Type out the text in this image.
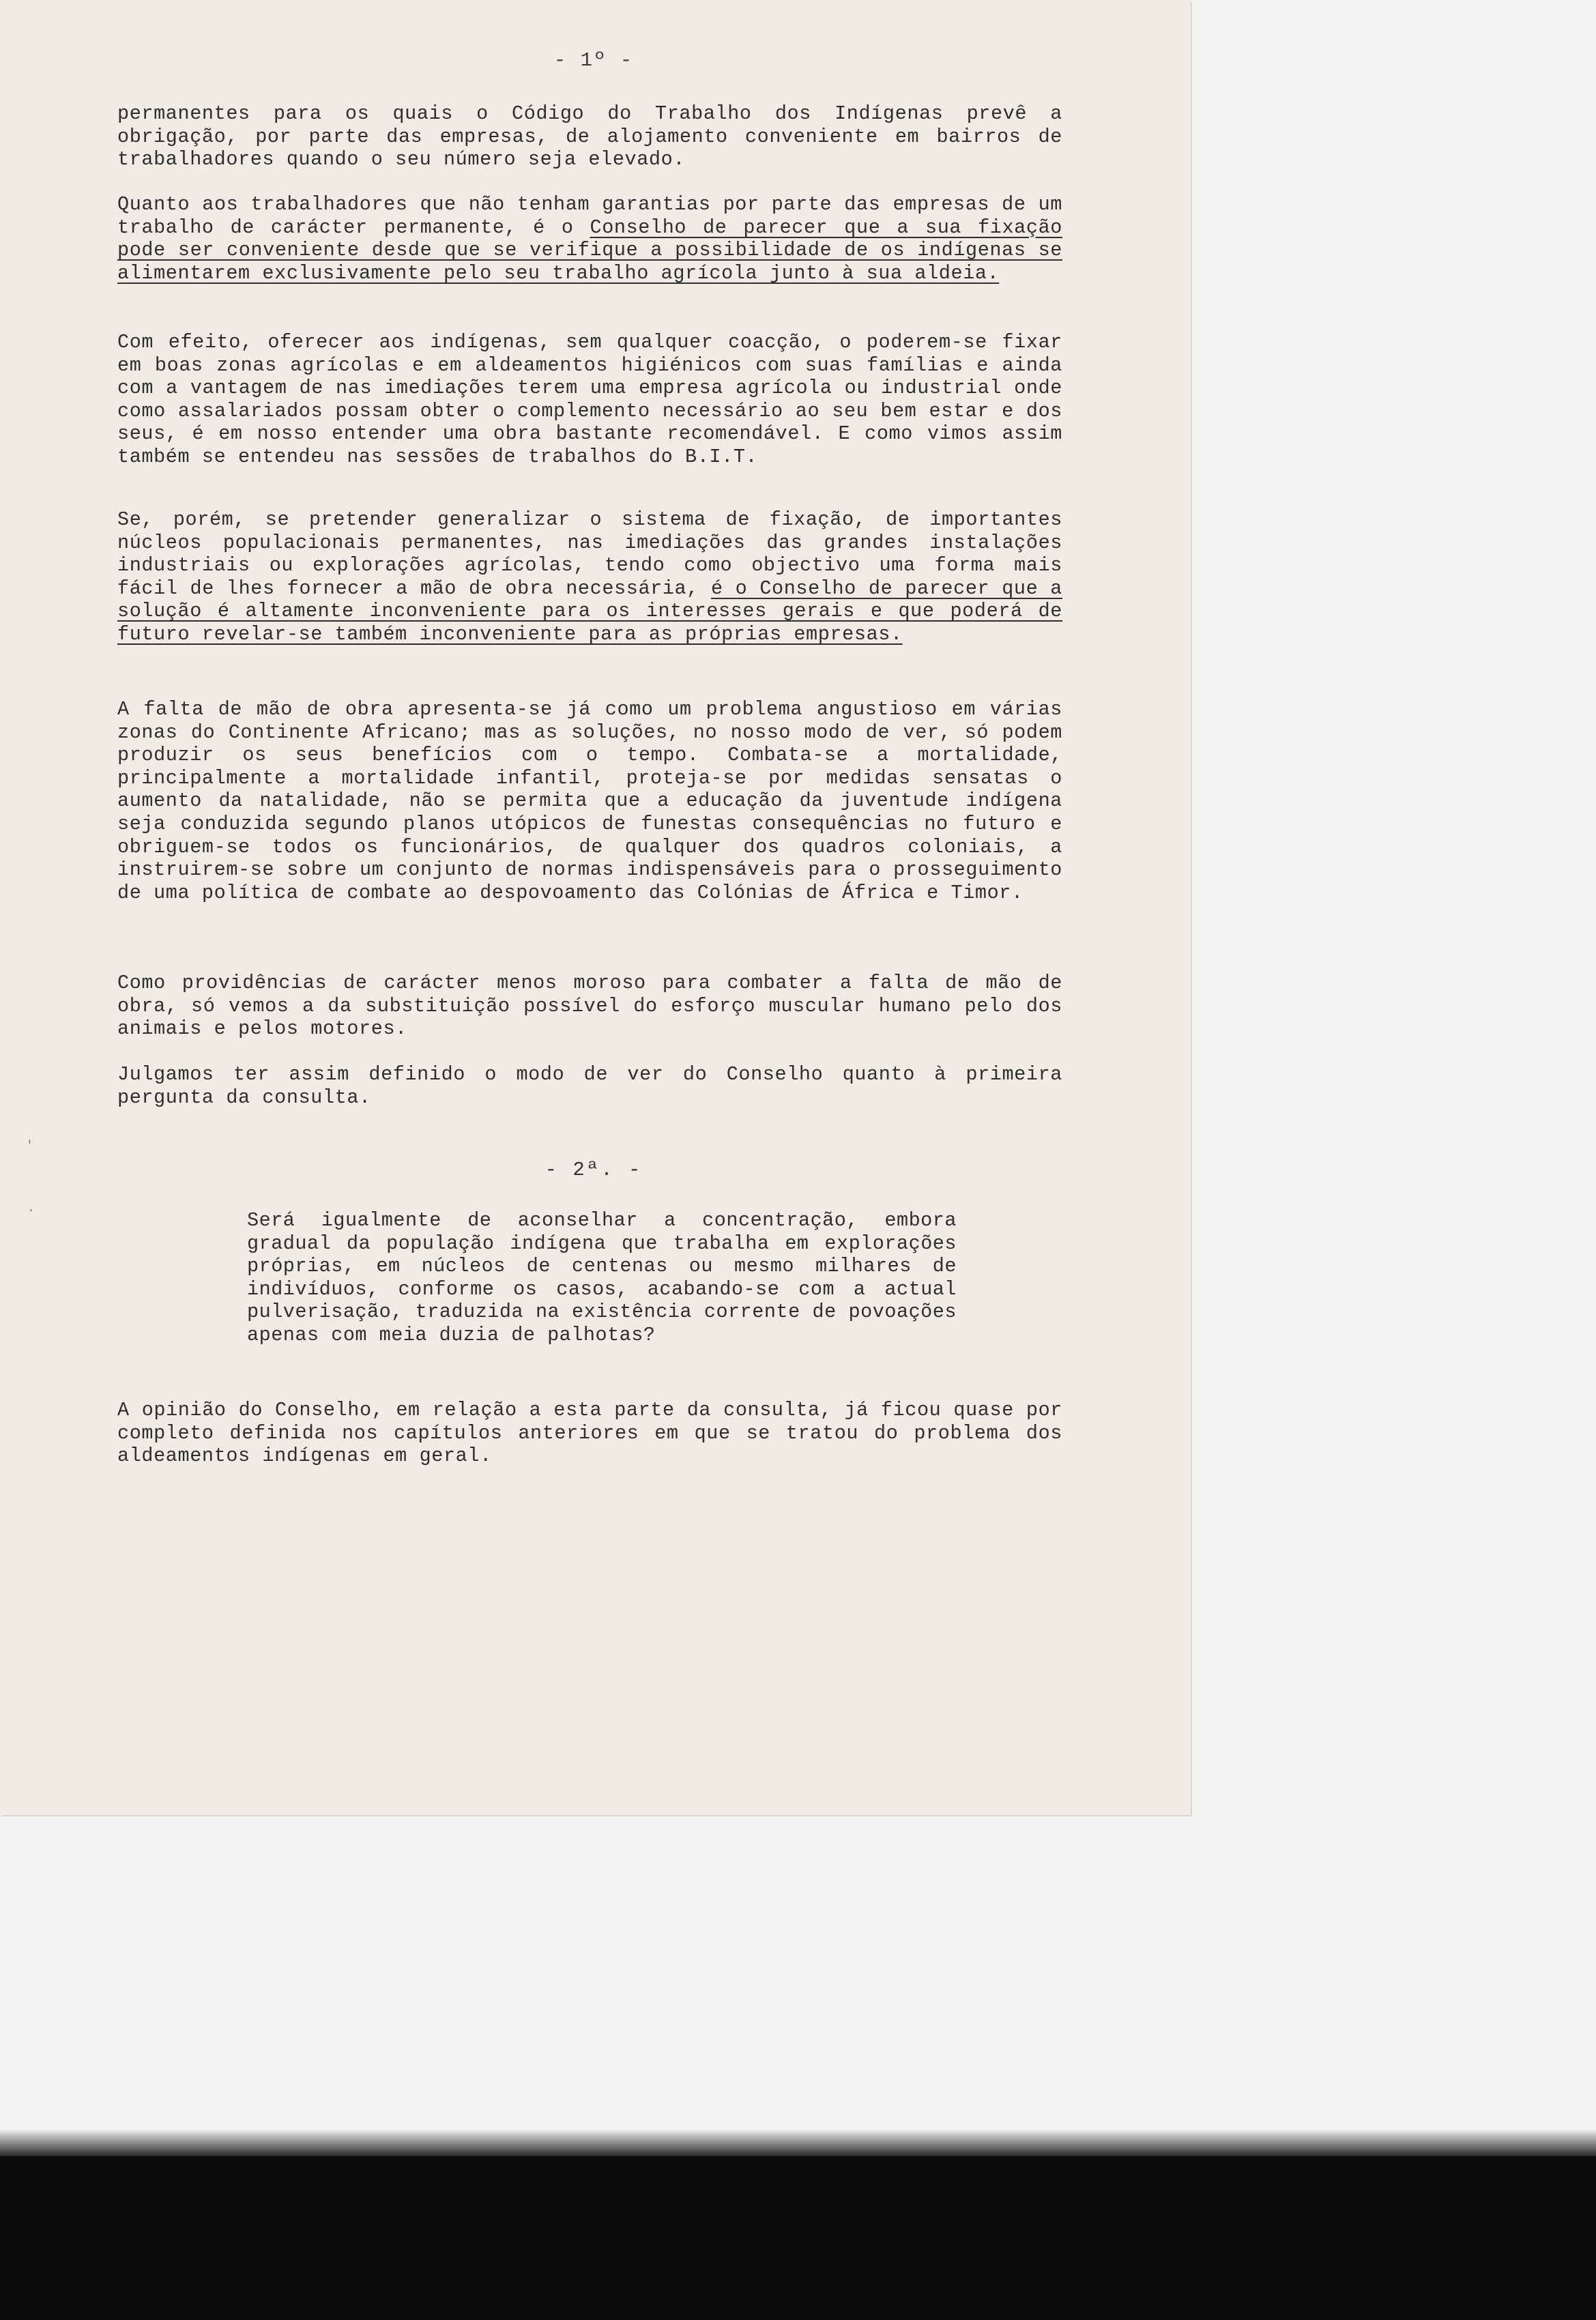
- 1º -

permanentes para os quais o Código do Trabalho dos Indígenas prevê a obrigação, por parte das empresas, de alojamento conveniente em bairros de trabalhadores quando o seu número seja elevado.

Quanto aos trabalhadores que não tenham garantias por parte das empresas de um trabalho de carácter permanente, é o Conselho de parecer que a sua fixação pode ser conveniente desde que se verifique a possibilidade de os indígenas se alimentarem exclusivamente pelo seu trabalho agrícola junto à sua aldeia.

Com efeito, oferecer aos indígenas, sem qualquer coacção, o poderem-se fixar em boas zonas agrícolas e em aldeamentos higiénicos com suas famílias e ainda com a vantagem de nas imediações terem uma empresa agrícola ou industrial onde como assalariados possam obter o complemento necessário ao seu bem estar e dos seus, é em nosso entender uma obra bastante recomendável. E como vimos assim também se entendeu nas sessões de trabalhos do B.I.T.

Se, porém, se pretender generalizar o sistema de fixação, de importantes núcleos populacionais permanentes, nas imediações das grandes instalações industriais ou explorações agrícolas, tendo como objectivo uma forma mais fácil de lhes fornecer a mão de obra necessária, é o Conselho de parecer que a solução é altamente inconveniente para os interesses gerais e que poderá de futuro revelar-se também inconveniente para as próprias empresas.

A falta de mão de obra apresenta-se já como um problema angustioso em várias zonas do Continente Africano; mas as soluções, no nosso modo de ver, só podem produzir os seus benefícios com o tempo. Combata-se a mortalidade, principalmente a mortalidade infantil, proteja-se por medidas sensatas o aumento da natalidade, não se permita que a educação da juventude indígena seja conduzida segundo planos utópicos de funestas consequências no futuro e obriguem-se todos os funcionários, de qualquer dos quadros coloniais, a instruirem-se sobre um conjunto de normas indispensáveis para o prosseguimento de uma política de combate ao despovoamento das Colónias de África e Timor.

Como providências de carácter menos moroso para combater a falta de mão de obra, só vemos a da substituição possível do esforço muscular humano pelo dos animais e pelos motores.

Julgamos ter assim definido o modo de ver do Conselho quanto à primeira pergunta da consulta.

- 2ª. -
Será igualmente de aconselhar a concentração, embora gradual da população indígena que trabalha em explorações próprias, em núcleos de centenas ou mesmo milhares de indivíduos, conforme os casos, acabando-se com a actual pulverisação, traduzida na existência corrente de povoações apenas com meia duzia de palhotas?

A opinião do Conselho, em relação a esta parte da consulta, já ficou quase por completo definida nos capítulos anteriores em que se tratou do problema dos aldeamentos indígenas em geral.

'
·
